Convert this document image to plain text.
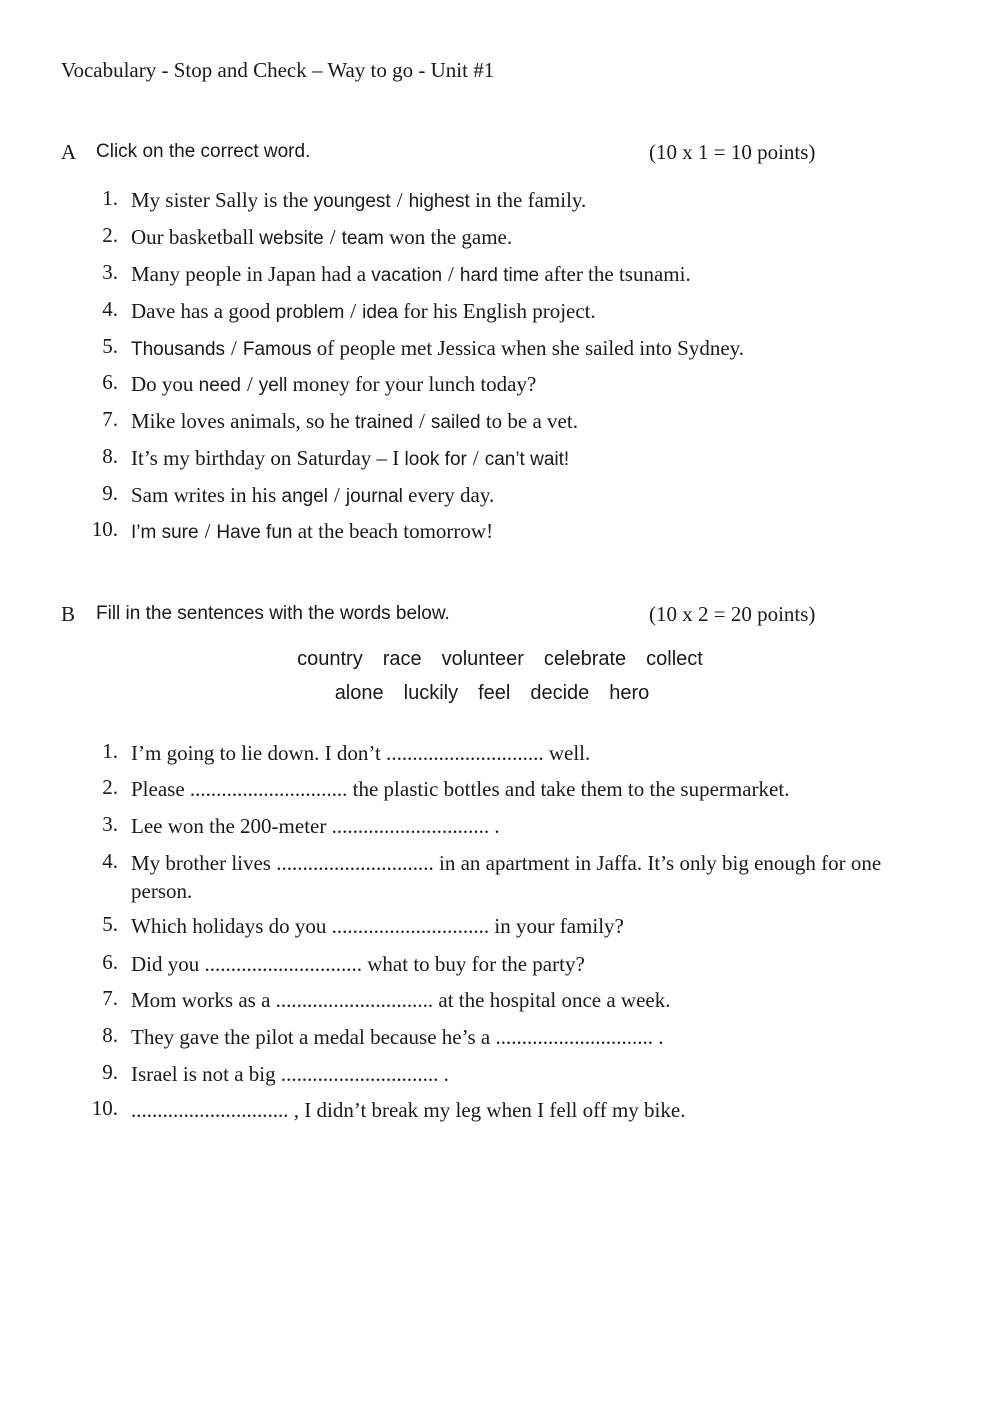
Vocabulary - Stop and Check – Way to go - Unit #1
A Click on the correct word.	(10 x 1 = 10 points)
1. My sister Sally is the youngest / highest in the family.
2. Our basketball website / team won the game.
3. Many people in Japan had a vacation / hard time after the tsunami.
4. Dave has a good problem / idea for his English project.
5. Thousands / Famous of people met Jessica when she sailed into Sydney.
6. Do you need / yell money for your lunch today?
7. Mike loves animals, so he trained / sailed to be a vet.
8. It’s my birthday on Saturday – I look for / can’t wait!
9. Sam writes in his angel / journal every day.
10. I’m sure / Have fun at the beach tomorrow!
B Fill in the sentences with the words below.	(10 x 2 = 20 points)
country race volunteer celebrate collect
alone luckily feel decide hero
1. I’m going to lie down. I don’t .............................. well.
2. Please .............................. the plastic bottles and take them to the supermarket.
3. Lee won the 200-meter .............................. .
4. My brother lives .............................. in an apartment in Jaffa. It’s only big enough for one person.
5. Which holidays do you .............................. in your family?
6. Did you .............................. what to buy for the party?
7. Mom works as a .............................. at the hospital once a week.
8. They gave the pilot a medal because he’s a .............................. .
9. Israel is not a big .............................. .
10. .............................. , I didn’t break my leg when I fell off my bike.
